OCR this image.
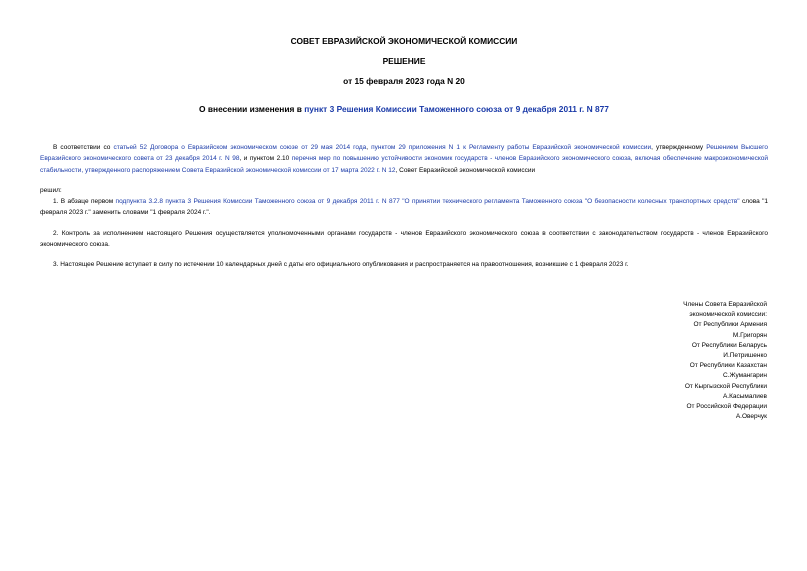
СОВЕТ ЕВРАЗИЙСКОЙ ЭКОНОМИЧЕСКОЙ КОМИССИИ
РЕШЕНИЕ
от 15 февраля 2023 года N 20
О внесении изменения в пункт 3 Решения Комиссии Таможенного союза от 9 декабря 2011 г. N 877

В соответствии со статьей 52 Договора о Евразийском экономическом союзе от 29 мая 2014 года, пунктом 29 приложения N 1 к Регламенту работы Евразийской экономической комиссии, утвержденному Решением Высшего Евразийского экономического совета от 23 декабря 2014 г. N 98, и пунктом 2.10 перечня мер по повышению устойчивости экономик государств - членов Евразийского экономического союза, включая обеспечение макроэкономической стабильности, утвержденного распоряжением Совета Евразийской экономической комиссии от 17 марта 2022 г. N 12, Совет Евразийской экономической комиссии

решил:

1. В абзаце первом подпункта 3.2.8 пункта 3 Решения Комиссии Таможенного союза от 9 декабря 2011 г. N 877 "О принятии технического регламента Таможенного союза "О безопасности колесных транспортных средств" слова "1 февраля 2023 г." заменить словами "1 февраля 2024 г.".

2. Контроль за исполнением настоящего Решения осуществляется уполномоченными органами государств - членов Евразийского экономического союза в соответствии с законодательством государств - членов Евразийского экономического союза.

3. Настоящее Решение вступает в силу по истечении 10 календарных дней с даты его официального опубликования и распространяется на правоотношения, возникшие с 1 февраля 2023 г.

Члены Совета Евразийской
экономической комиссии:
От Республики Армения
М.Григорян
От Республики Беларусь
И.Петришенко
От Республики Казахстан
С.Жумангарин
От Кыргызской Республики
А.Касымалиев
От Российской Федерации
А.Оверчук
